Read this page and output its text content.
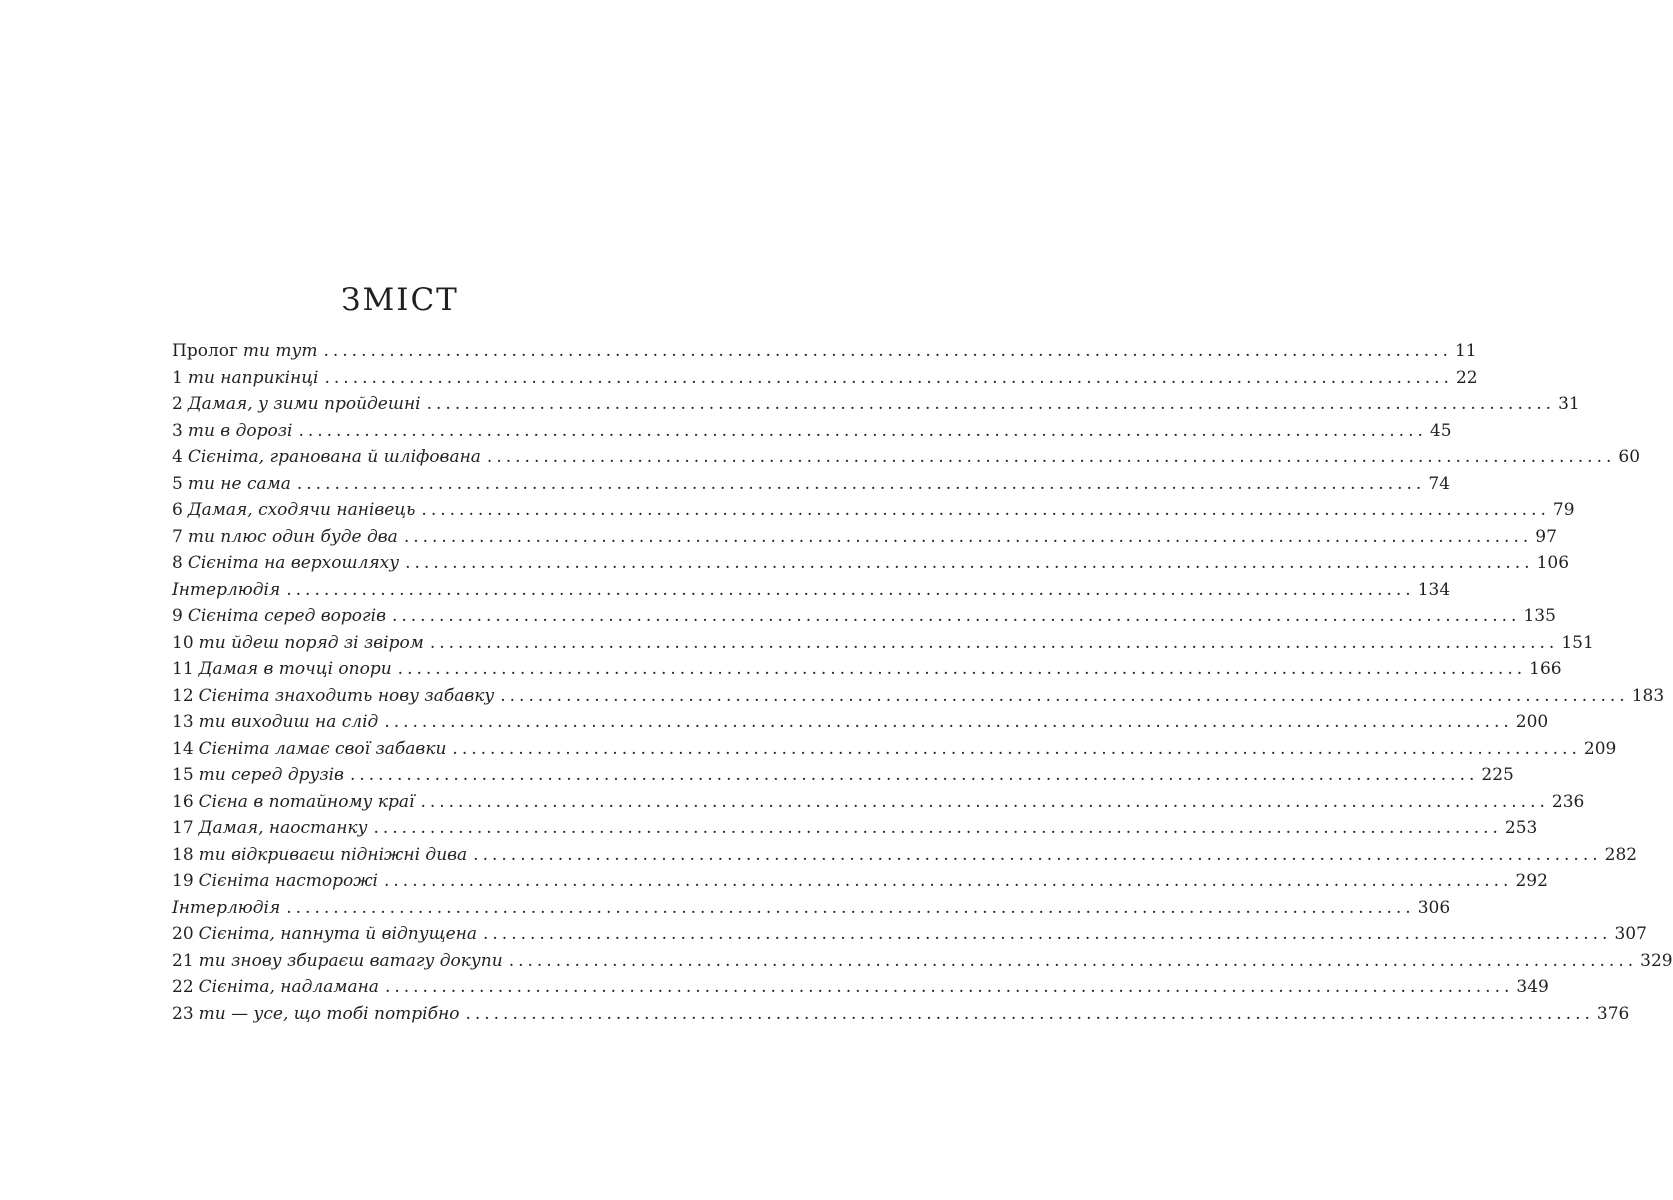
ЗМІСТ
Пролог ти тут ........................................................................................................................ 11
1 ти наприкінці ........................................................................................................................ 22
2 Дамая, у зими пройдешні ........................................................................................................................ 31
3 ти в дорозі ........................................................................................................................ 45
4 Сієніта, гранована й шліфована ........................................................................................................................ 60
5 ти не сама ........................................................................................................................ 74
6 Дамая, сходячи нанівець ........................................................................................................................ 79
7 ти плюс один буде два ........................................................................................................................ 97
8 Сієніта на верхошляху ........................................................................................................................ 106
Інтерлюдія ........................................................................................................................ 134
9 Сієніта серед ворогів ........................................................................................................................ 135
10 ти йдеш поряд зі звіром ........................................................................................................................ 151
11 Дамая в точці опори ........................................................................................................................ 166
12 Сієніта знаходить нову забавку ........................................................................................................................ 183
13 ти виходиш на слід ........................................................................................................................ 200
14 Сієніта ламає свої забавки ........................................................................................................................ 209
15 ти серед друзів ........................................................................................................................ 225
16 Сієна в потайному краї ........................................................................................................................ 236
17 Дамая, наостанку ........................................................................................................................ 253
18 ти відкриваєш підніжні дива ........................................................................................................................ 282
19 Сієніта насторожі ........................................................................................................................ 292
Інтерлюдія ........................................................................................................................ 306
20 Сієніта, напнута й відпущена ........................................................................................................................ 307
21 ти знову збираєш ватагу докупи ........................................................................................................................ 329
22 Сієніта, надламана ........................................................................................................................ 349
23 ти — усе, що тобі потрібно ........................................................................................................................ 376
